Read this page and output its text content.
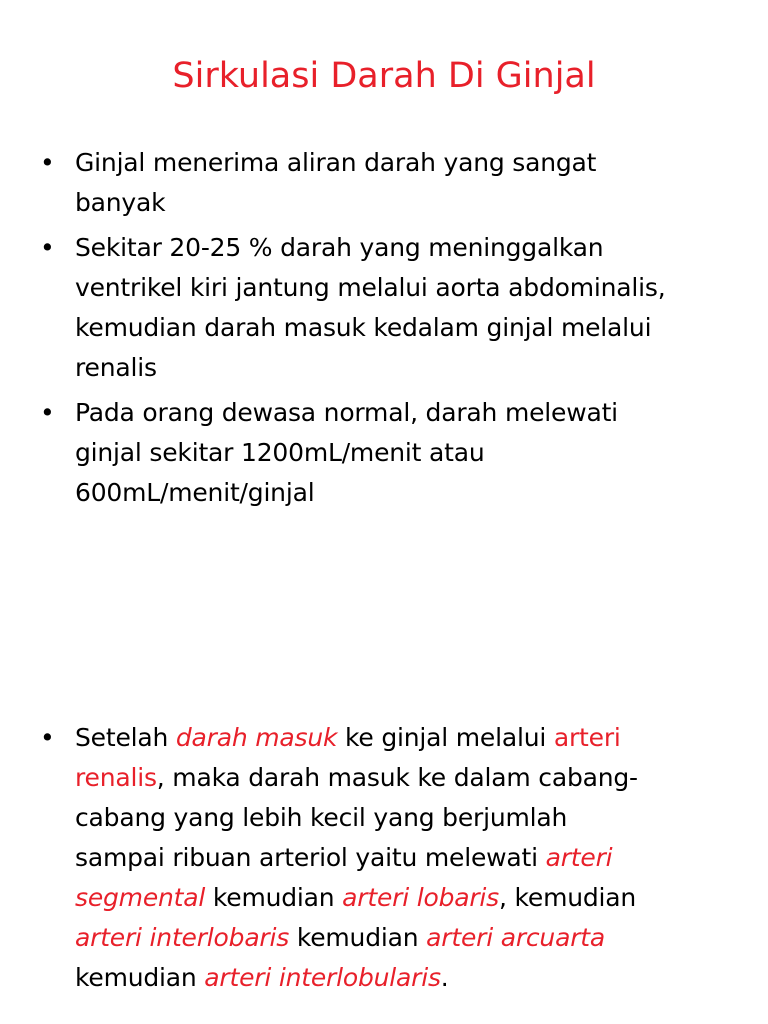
Sirkulasi Darah Di Ginjal
• Ginjal menerima aliran darah yang sangat
banyak
• Sekitar 20-25 % darah yang meninggalkan
ventrikel kiri jantung melalui aorta abdominalis,
kemudian darah masuk kedalam ginjal melalui
renalis
• Pada orang dewasa normal, darah melewati
ginjal sekitar 1200mL/menit atau
600mL/menit/ginjal
• Setelah darah masuk ke ginjal melalui arteri
renalis, maka darah masuk ke dalam cabang-
cabang yang lebih kecil yang berjumlah
sampai ribuan arteriol yaitu melewati arteri
segmental kemudian arteri lobaris, kemudian
arteri interlobaris kemudian arteri arcuarta
kemudian arteri interlobularis.
